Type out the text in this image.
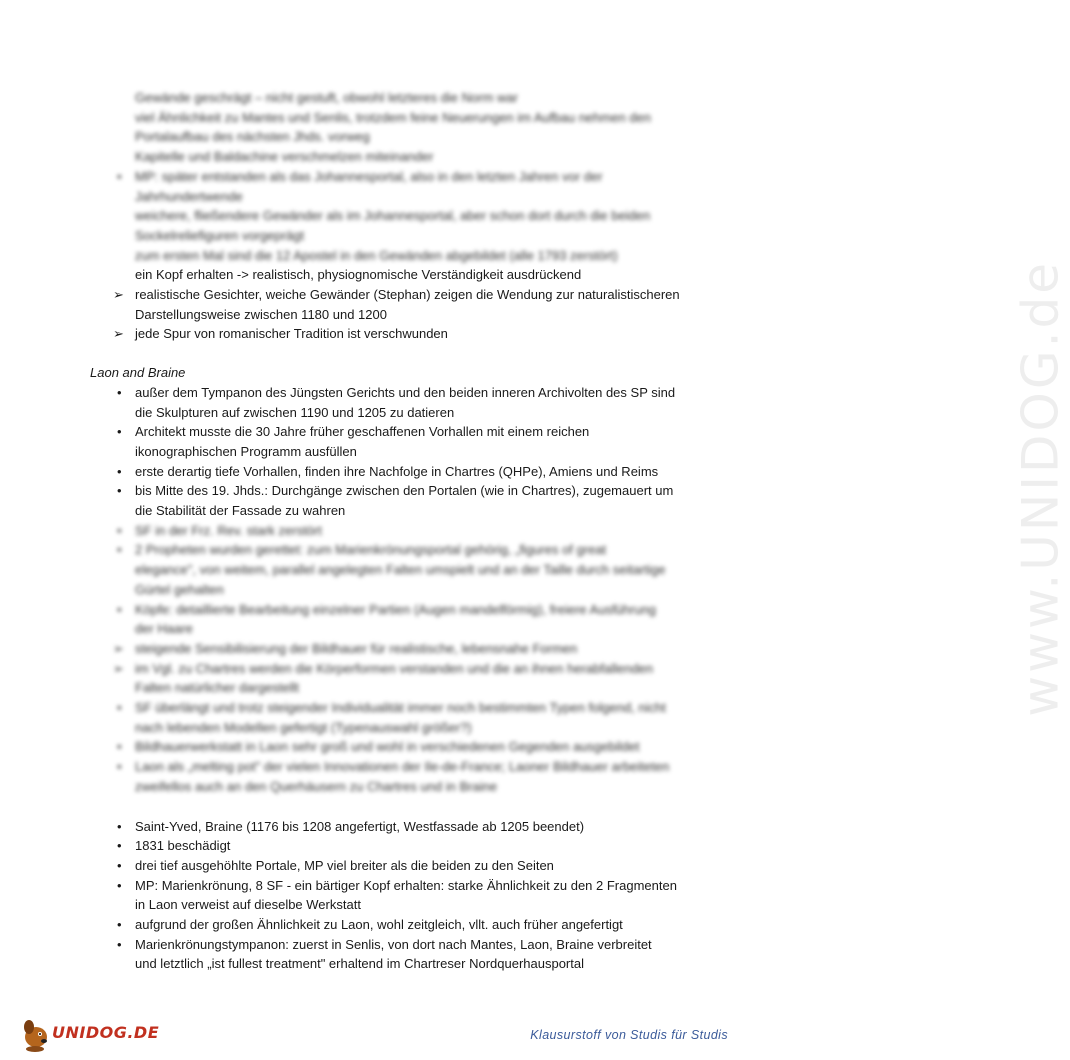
www.UNIDOG.de
Gewände geschrägt – nicht gestuft, obwohl letzteres die Norm war
viel Ähnlichkeit zu Mantes und Senlis, trotzdem feine Neuerungen im Aufbau nehmen den
Portalaufbau des nächsten Jhds. vorweg
Kapitelle und Baldachine verschmelzen miteinander
MP: später entstanden als das Johannesportal, also in den letzten Jahren vor der
•
Jahrhundertwende
weichere, fließendere Gewänder als im Johannesportal, aber schon dort durch die beiden
Sockelreliefiguren vorgeprägt
zum ersten Mal sind die 12 Apostel in den Gewänden abgebildet (alle 1793 zerstört)
ein Kopf erhalten -> realistisch, physiognomische Verständigkeit ausdrückend
realistische Gesichter, weiche Gewänder (Stephan) zeigen die Wendung zur naturalistischeren
➢
Darstellungsweise zwischen 1180 und 1200
jede Spur von romanischer Tradition ist verschwunden
➢
Laon and Braine
außer dem Tympanon des Jüngsten Gerichts und den beiden inneren Archivolten des SP sind
•
die Skulpturen auf zwischen 1190 und 1205 zu datieren
Architekt musste die 30 Jahre früher geschaffenen Vorhallen mit einem reichen
•
ikonographischen Programm ausfüllen
erste derartig tiefe Vorhallen, finden ihre Nachfolge in Chartres (QHPe), Amiens und Reims
•
bis Mitte des 19. Jhds.: Durchgänge zwischen den Portalen (wie in Chartres), zugemauert um
•
die Stabilität der Fassade zu wahren
SF in der Frz. Rev. stark zerstört
•
2 Propheten wurden gerettet: zum Marienkrönungsportal gehörig, „figures of great
•
elegance", von weitem, parallel angelegten Falten umspielt und an der Taille durch seitartige
Gürtel gehalten
Köpfe: detaillierte Bearbeitung einzelner Partien (Augen mandelförmig), freiere Ausführung
•
der Haare
steigende Sensibilisierung der Bildhauer für realistische, lebensnahe Formen
➢
im Vgl. zu Chartres werden die Körperformen verstanden und die an ihnen herabfallenden
➢
Falten natürlicher dargestellt
SF überlängt und trotz steigender Individualität immer noch bestimmten Typen folgend, nicht
•
nach lebenden Modellen gefertigt (Typenauswahl größer?)
Bildhauerwerkstatt in Laon sehr groß und wohl in verschiedenen Gegenden ausgebildet
•
Laon als „melting pot" der vielen Innovationen der Ile-de-France; Laoner Bildhauer arbeiteten
•
zweifellos auch an den Querhäusern zu Chartres und in Braine
Saint-Yved, Braine (1176 bis 1208 angefertigt, Westfassade ab 1205 beendet)
•
1831 beschädigt
•
drei tief ausgehöhlte Portale, MP viel breiter als die beiden zu den Seiten
•
MP: Marienkrönung, 8 SF - ein bärtiger Kopf erhalten: starke Ähnlichkeit zu den 2 Fragmenten
•
in Laon verweist auf dieselbe Werkstatt
aufgrund der großen Ähnlichkeit zu Laon, wohl zeitgleich, vllt. auch früher angefertigt
•
Marienkrönungstympanon: zuerst in Senlis, von dort nach Mantes, Laon, Braine verbreitet
•
und letztlich „ist fullest treatment" erhaltend im Chartreser Nordquerhausportal
UNIDOG.DE	Klausurstoff von Studis für Studis
